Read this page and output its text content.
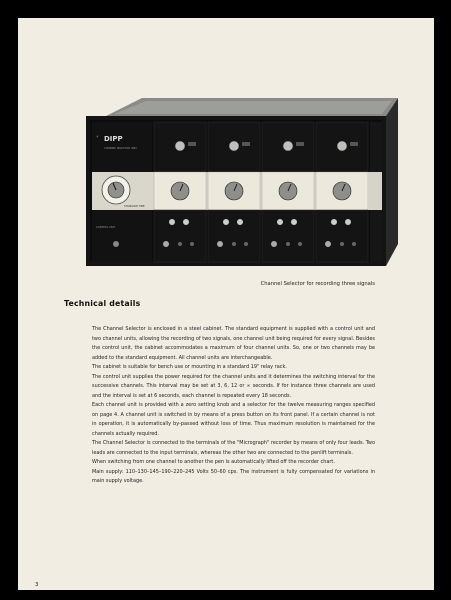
⚡ DIPP
CHANNEL SELECTOR UNIT
STANDARD TIME
CONTROL UNIT
Channel Selector for recording three signals
Technical details

The Channel Selector is enclosed in a steel cabinet. The standard equipment is supplied with a control unit and two channel units, allowing the recording of two signals, one channel unit being required for every signal. Besides the control unit, the cabinet accommodates a maximum of four channel units. So, one or two channels may be added to the standard equipment. All channel units are interchangeable.

The cabinet is suitable for bench use or mounting in a standard 19" relay rack.

The control unit supplies the power required for the channel units and it determines the switching interval for the successive channels. This interval may be set at 3, 6, 12 or ∞ seconds. If for instance three channels are used and the interval is set at 6 seconds, each channel is repeated every 18 seconds.

Each channel unit is provided with a zero setting knob and a selector for the twelve measuring ranges specified on page 4. A channel unit is switched in by means of a press button on its front panel. If a certain channel is not in operation, it is automatically by-passed without loss of time. Thus maximum resolution is maintained for the channels actually required.

The Channel Selector is connected to the terminals of the "Micrograph" recorder by means of only four leads. Two leads are connected to the input terminals, whereas the other two are connected to the penlift terminals.

When switching from one channel to another the pen is automatically lifted off the recorder chart.

Main supply: 110–130–145–190–220–245 Volts 50–60 cps. The instrument is fully compensated for variations in main supply voltage.

3
